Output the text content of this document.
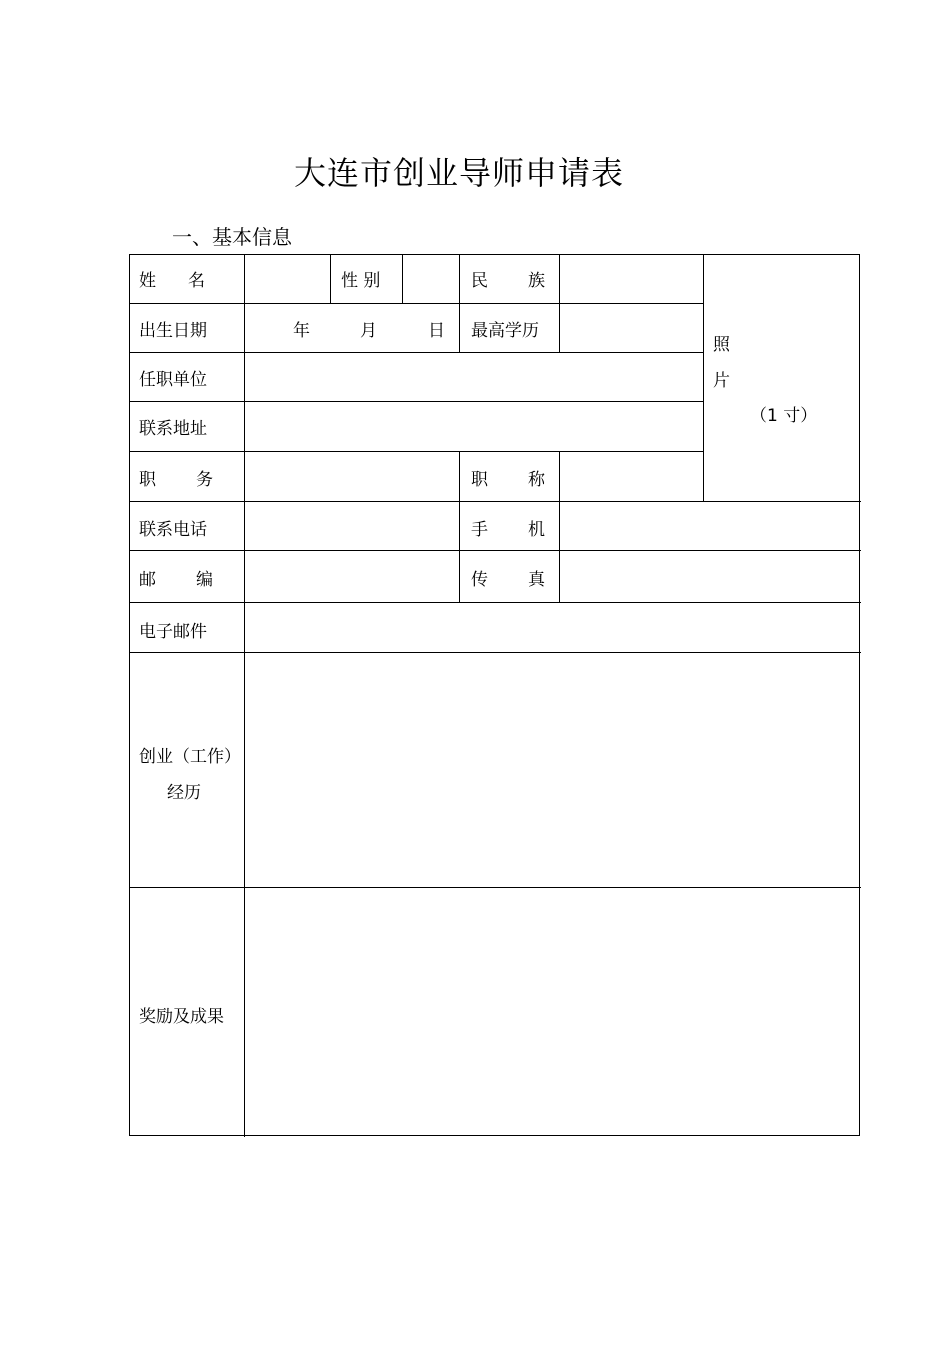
大连市创业导师申请表
一、基本信息
姓 名	性 别	民 族
出生日期	年	月	日 最高学历
任职单位
联系地址
职 务	职 称
照
片
（1 寸）
联系电话	手 机
邮 编	传 真
电子邮件
创业（工作）
经历
奖励及成果
